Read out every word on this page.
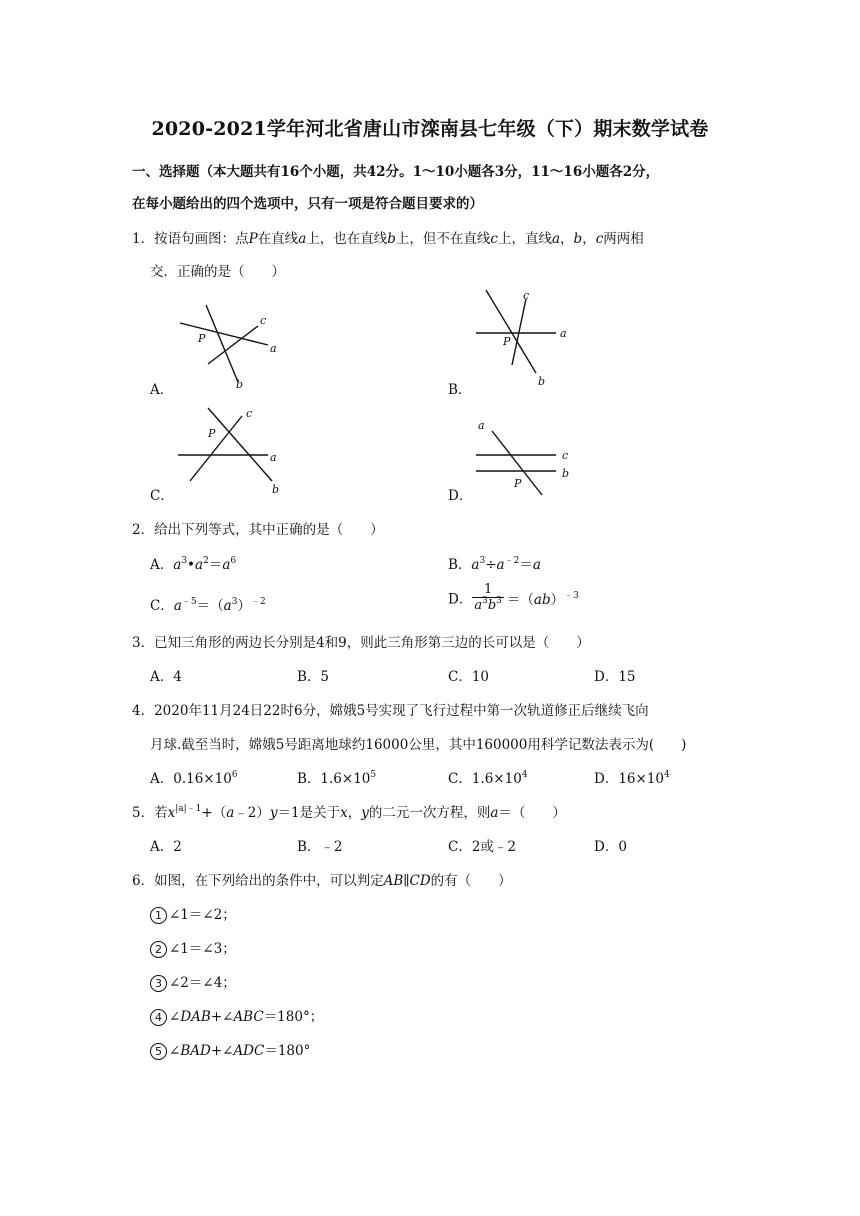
2020-2021学年河北省唐山市滦南县七年级（下）期末数学试卷
一、选择题（本大题共有16个小题，共42分。1～10小题各3分，11～16小题各2分，
在每小题给出的四个选项中，只有一项是符合题目要求的）
1．按语句画图：点P在直线a上，也在直线b上，但不在直线c上，直线a，b，c两两相
交．正确的是（　　）
A．
c
P
a
b	B．
c
P
a
b
C．
c
P
a
b	D．
a
c
P
b
2．给出下列等式，其中正确的是（　　）
A．$a^3•a^2=a^6$	B．$a^3\div a^{﹣2}=a$
C．$a^{﹣5}=(a^3)^{﹣2}$	D． $\frac{1}{a^3b^3} =(ab)^{﹣3}$
3．已知三角形的两边长分别是4和9，则此三角形第三边的长可以是（　　）
A．4	B．5	C．10	D．15
4．2020年11月24日22时6分，嫦娥5号实现了飞行过程中第一次轨道修正后继续飞向
月球.截至当时，嫦娥5号距离地球约16000公里，其中160000用科学记数法表示为(　　)
A．$0.16\times 10^6$	B．$1.6\times 10^5$	C．$1.6\times 10^4$	D．$16\times 10^4$
5．若$x^{|a|﹣1}+(a﹣2)y=1$是关于x，y的二元一次方程，则a＝（　　）
A．2	B．﹣2	C．2或﹣2	D．0
6．如图，在下列给出的条件中，可以判定AB∥CD的有（　　）
1 ∠1＝∠2；
2 ∠1＝∠3；
3 ∠2＝∠4；
4 ∠DAB+∠ABC＝180°；
5 ∠BAD+∠ADC＝180°
